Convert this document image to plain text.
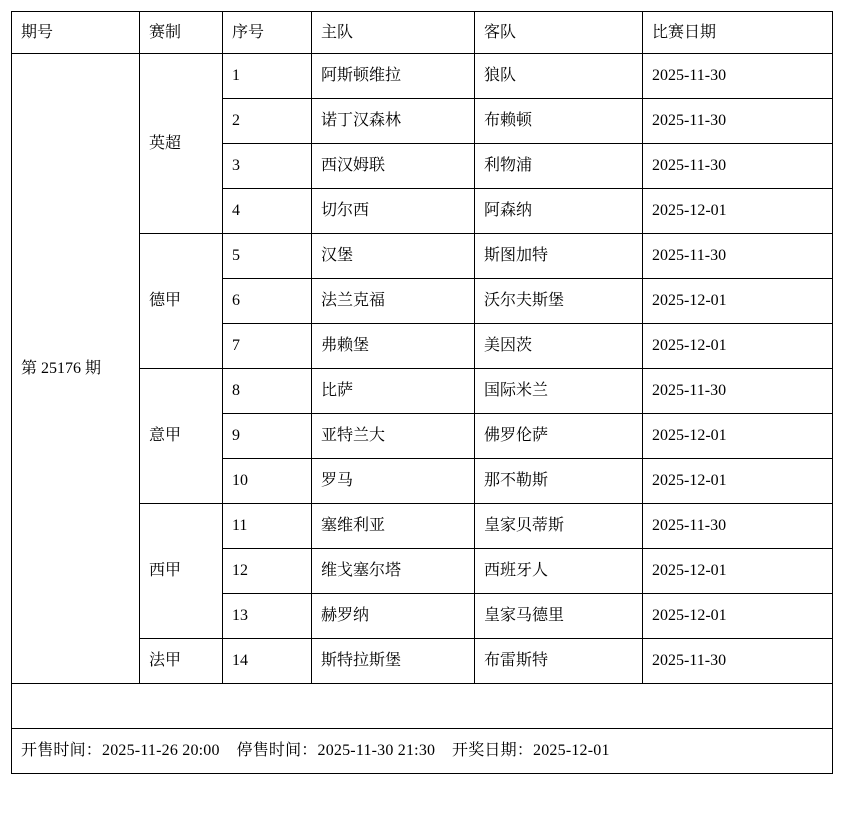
期号	赛制	序号	主队	客队	比赛日期
第 25176 期	英超	1	阿斯顿维拉	狼队	2025-11-30
		2	诺丁汉森林	布赖顿	2025-11-30
		3	西汉姆联	利物浦	2025-11-30
		4	切尔西	阿森纳	2025-12-01
	德甲	5	汉堡	斯图加特	2025-11-30
		6	法兰克福	沃尔夫斯堡	2025-12-01
		7	弗赖堡	美因茨	2025-12-01
	意甲	8	比萨	国际米兰	2025-11-30
		9	亚特兰大	佛罗伦萨	2025-12-01
		10	罗马	那不勒斯	2025-12-01
	西甲	11	塞维利亚	皇家贝蒂斯	2025-11-30
		12	维戈塞尔塔	西班牙人	2025-12-01
		13	赫罗纳	皇家马德里	2025-12-01
	法甲	14	斯特拉斯堡	布雷斯特	2025-11-30

开售时间：2025-11-26 20:00    停售时间：2025-11-30 21:30    开奖日期：2025-12-01					
